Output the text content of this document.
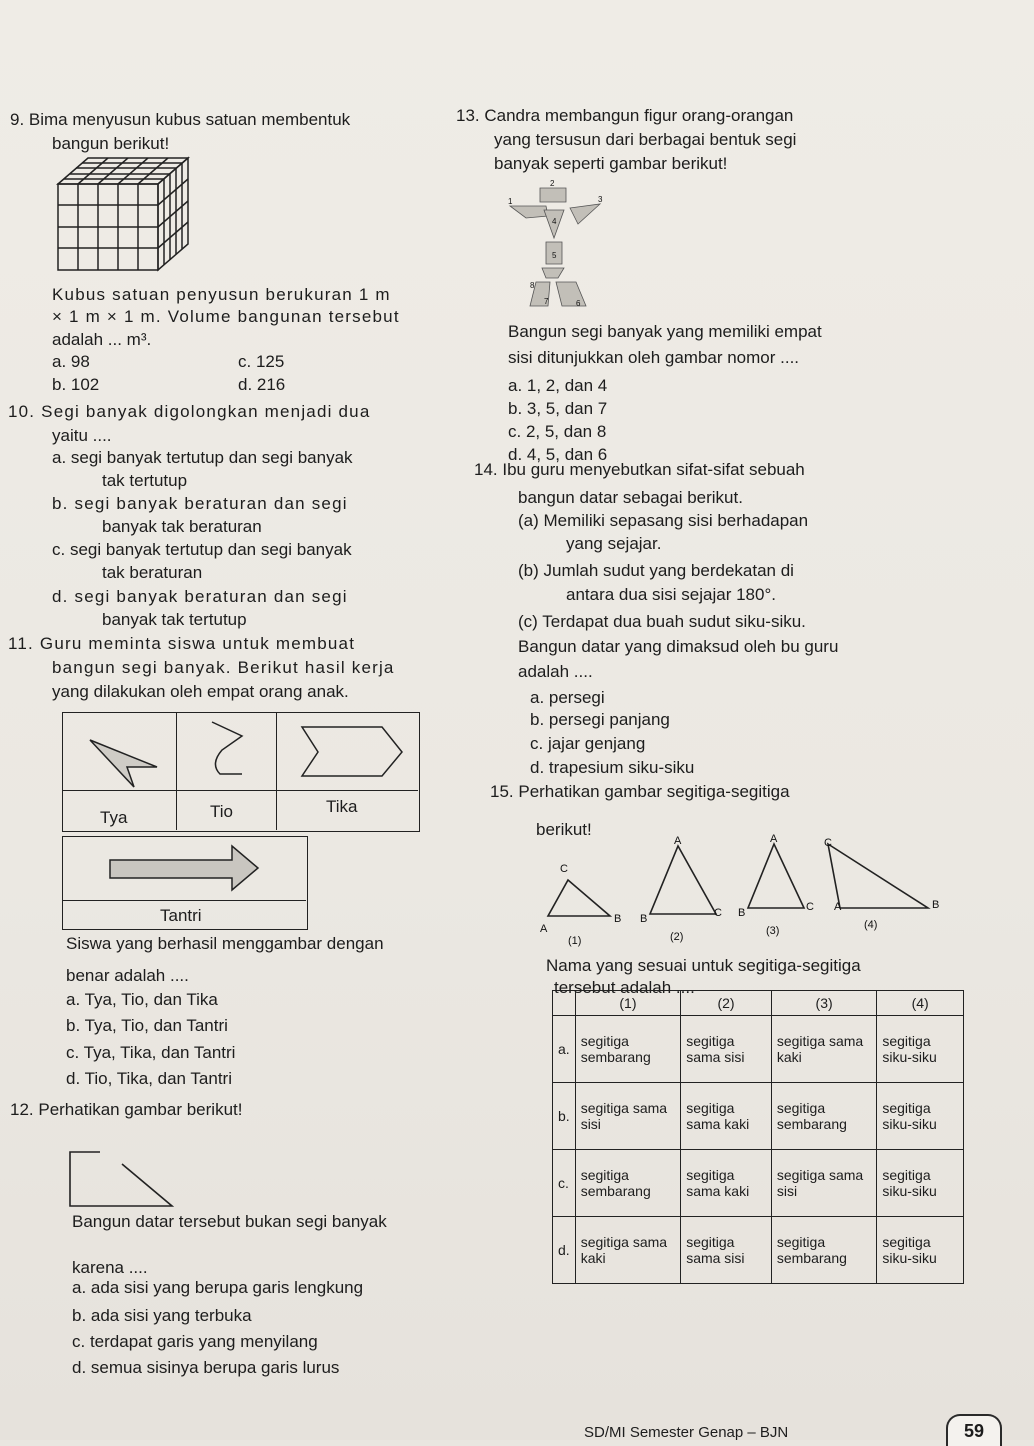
9. Bima menyusun kubus satuan membentuk
bangun berikut!
Kubus satuan penyusun berukuran 1 m
× 1 m × 1 m. Volume bangunan tersebut
adalah ... m³.
a. 98	c. 125
b. 102	d. 216
10. Segi banyak digolongkan menjadi dua
yaitu ....
a. segi banyak tertutup dan segi banyak
tak tertutup
b. segi banyak beraturan dan segi
banyak tak beraturan
c. segi banyak tertutup dan segi banyak
tak beraturan
d. segi banyak beraturan dan segi
banyak tak tertutup
11. Guru meminta siswa untuk membuat
bangun segi banyak. Berikut hasil kerja
yang dilakukan oleh empat orang anak.
Tya	Tio	Tika
Tantri
Siswa yang berhasil menggambar dengan
benar adalah ....
a. Tya, Tio, dan Tika
b. Tya, Tio, dan Tantri
c. Tya, Tika, dan Tantri
d. Tio, Tika, dan Tantri
12. Perhatikan gambar berikut!
Bangun datar tersebut bukan segi banyak
karena ....
a. ada sisi yang berupa garis lengkung
b. ada sisi yang terbuka
c. terdapat garis yang menyilang
d. semua sisinya berupa garis lurus
13. Candra membangun figur orang-orangan
yang tersusun dari berbagai bentuk segi
banyak seperti gambar berikut!
1
2
3
4
5
6
7
8
Bangun segi banyak yang memiliki empat
sisi ditunjukkan oleh gambar nomor ....
a. 1, 2, dan 4
b. 3, 5, dan 7
c. 2, 5, dan 8
d. 4, 5, dan 6
14. Ibu guru menyebutkan sifat-sifat sebuah
bangun datar sebagai berikut.
(a) Memiliki sepasang sisi berhadapan
yang sejajar.
(b) Jumlah sudut yang berdekatan di
antara dua sisi sejajar 180°.
(c) Terdapat dua buah sudut siku-siku.
Bangun datar yang dimaksud oleh bu guru
adalah ....
a. persegi
b. persegi panjang
c. jajar genjang
d. trapesium siku-siku
15. Perhatikan gambar segitiga-segitiga
berikut!
A
B
C
A
B	C
A
B	C A	B
C
(1)	(2)	(3)	(4)
Nama yang sesuai untuk segitiga-segitiga
tersebut adalah ....
	(1)	(2)	(3)	(4)
a.	segitiga sembarang	segitiga sama sisi	segitiga sama kaki	segitiga siku-siku
b.	segitiga sama sisi	segitiga sama kaki	segitiga sembarang	segitiga siku-siku
c.	segitiga sembarang	segitiga sama kaki	segitiga sama sisi	segitiga siku-siku
d.	segitiga sama kaki	segitiga sama sisi	segitiga sembarang	segitiga siku-siku
SD/MI Semester Genap – BJN	59
